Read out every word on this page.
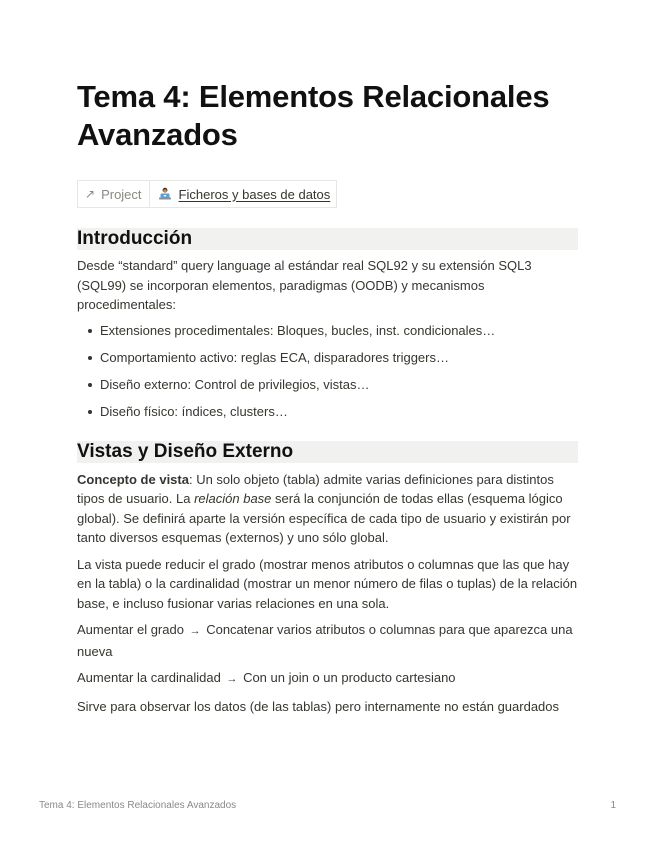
Tema 4: Elementos Relacionales Avanzados
↗ Project	Ficheros y bases de datos
Introducción

Desde “standard” query language al estándar real SQL92 y su extensión SQL3 (SQL99) se incorporan elementos, paradigmas (OODB) y mecanismos procedimentales:

Extensiones procedimentales: Bloques, bucles, inst. condicionales…
Comportamiento activo: reglas ECA, disparadores triggers…
Diseño externo: Control de privilegios, vistas…
Diseño físico: índices, clusters…
Vistas y Diseño Externo

Concepto de vista: Un solo objeto (tabla) admite varias definiciones para distintos tipos de usuario. La relación base será la conjunción de todas ellas (esquema lógico global). Se definirá aparte la versión específica de cada tipo de usuario y existirán por tanto diversos esquemas (externos) y uno sólo global.

La vista puede reducir el grado (mostrar menos atributos o columnas que las que hay en la tabla) o la cardinalidad (mostrar un menor número de filas o tuplas) de la relación base, e incluso fusionar varias relaciones en una sola.

Aumentar el grado → Concatenar varios atributos o columnas para que aparezca una nueva

Aumentar la cardinalidad → Con un join o un producto cartesiano

Sirve para observar los datos (de las tablas) pero internamente no están guardados

Tema 4: Elementos Relacionales Avanzados	1
